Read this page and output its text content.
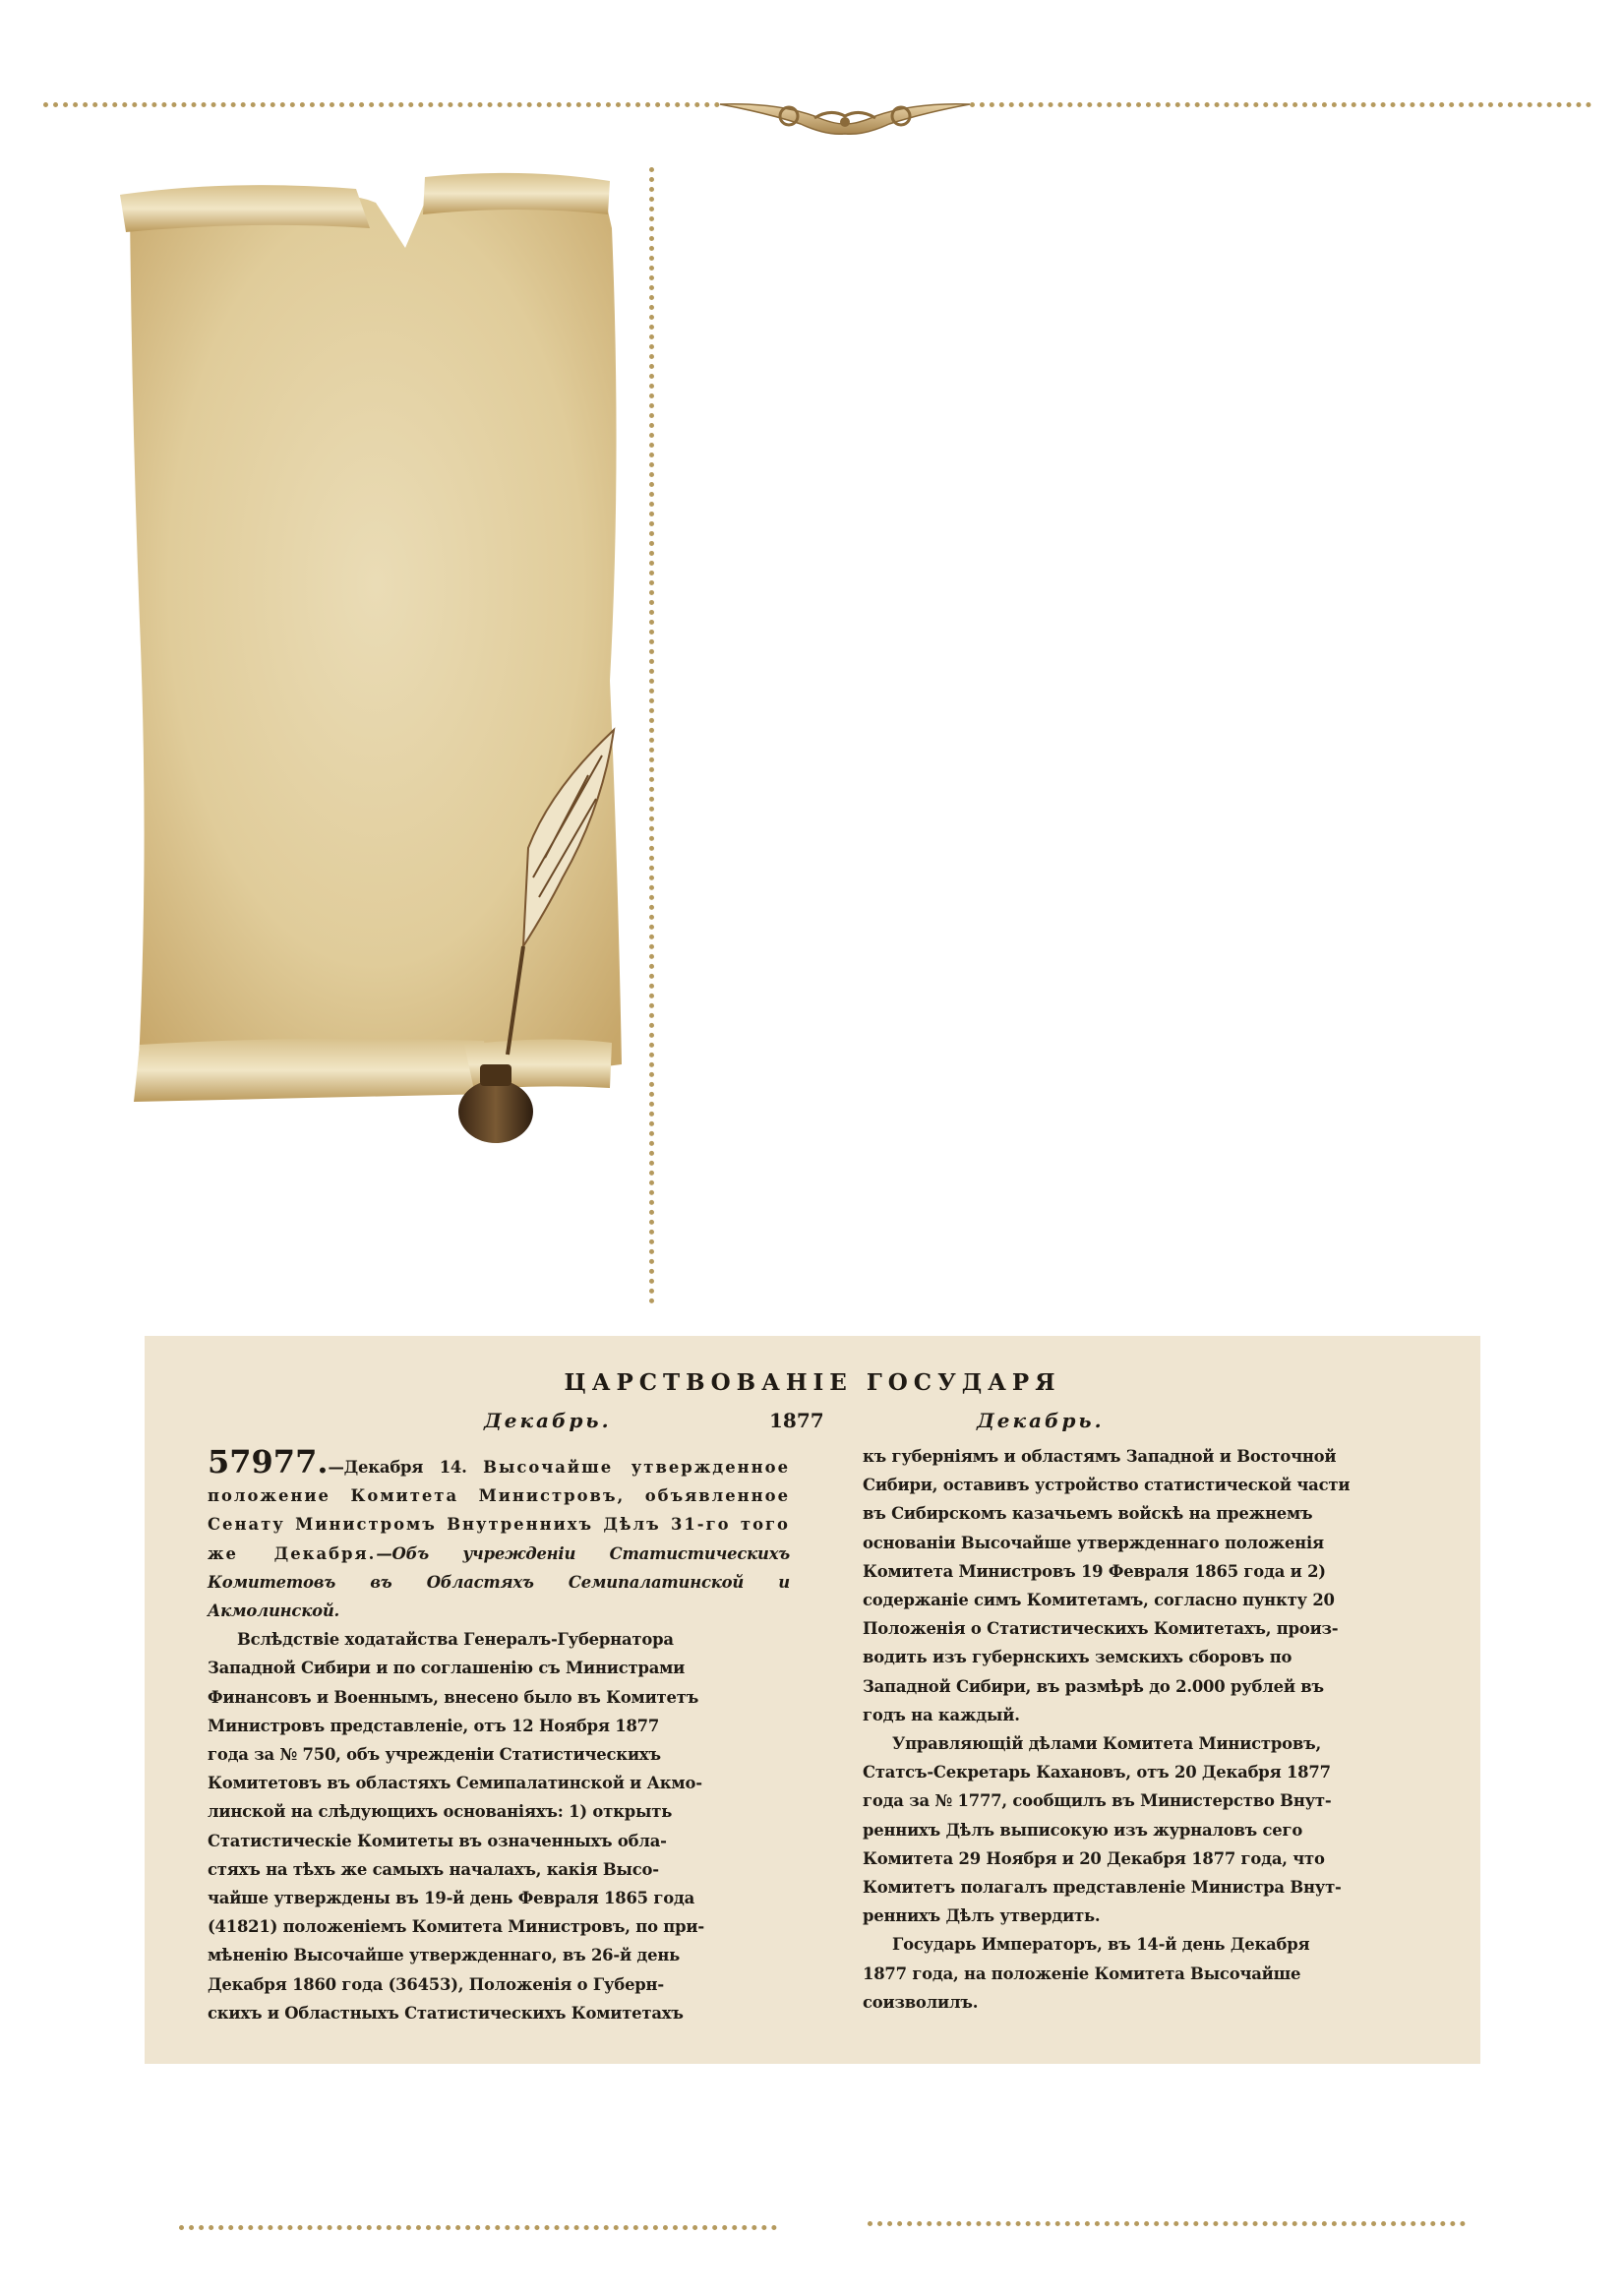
ЦАРСТВОВАНІЕ ГОСУДАРЯ
Декабрь.	1877	Декабрь.

57977.—Декабря 14. Высочайше утвержденное положение Комитета Министровъ, объявленное Сенату Министромъ Внутреннихъ Дѣлъ 31-го того же Декабря.—Объ учрежденіи Статистическихъ Комитетовъ въ Областяхъ Семипалатинской и Акмолинской.

Вслѣдствіе ходатайства Генералъ-Губернатора
Западной Сибири и по соглашенію съ Министрами
Финансовъ и Военнымъ, внесено было въ Комитетъ
Министровъ представленіе, отъ 12 Ноября 1877
года за № 750, объ учрежденіи Статистическихъ
Комитетовъ въ областяхъ Семипалатинской и Акмо-
линской на слѣдующихъ основаніяхъ: 1) открыть
Статистическіе Комитеты въ означенныхъ обла-
стяхъ на тѣхъ же самыхъ началахъ, какія Высо-
чайше утверждены въ 19-й день Февраля 1865 года
(41821) положеніемъ Комитета Министровъ, по при-
мѣненію Высочайше утвержденнаго, въ 26-й день
Декабря 1860 года (36453), Положенія о Губерн-
скихъ и Областныхъ Статистическихъ Комитетахъ
къ губерніямъ и областямъ Западной и Восточной
Сибири, оставивъ устройство статистической части
въ Сибирскомъ казачьемъ войскѣ на прежнемъ
основаніи Высочайше утвержденнаго положенія
Комитета Министровъ 19 Февраля 1865 года и 2)
содержаніе симъ Комитетамъ, согласно пункту 20
Положенія о Статистическихъ Комитетахъ, произ-
водить изъ губернскихъ земскихъ сборовъ по
Западной Сибири, въ размѣрѣ до 2.000 рублей въ
годъ на каждый.
Управляющій дѣлами Комитета Министровъ,
Статсъ-Секретарь Кахановъ, отъ 20 Декабря 1877
года за № 1777, сообщилъ въ Министерство Внут-
реннихъ Дѣлъ выписокую изъ журналовъ сего
Комитета 29 Ноября и 20 Декабря 1877 года, что
Комитетъ полагалъ представленіе Министра Внут-
реннихъ Дѣлъ утвердить.
Государь Императоръ, въ 14-й день Декабря
1877 года, на положеніе Комитета Высочайше
соизволилъ.
